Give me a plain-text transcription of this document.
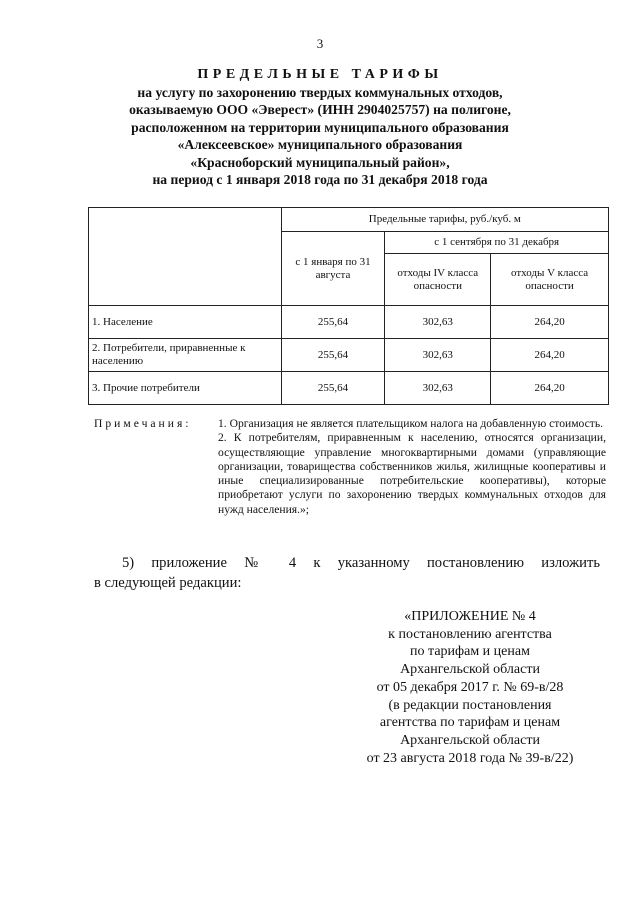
3
ПРЕДЕЛЬНЫЕ ТАРИФЫ
на услугу по захоронению твердых коммунальных отходов,
оказываемую ООО «Эверест» (ИНН 2904025757) на полигоне,
расположенном на территории муниципального образования
«Алексеевское» муниципального образования
«Красноборский муниципальный район»,
на период с 1 января 2018 года по 31 декабря 2018 года
	Предельные тарифы, руб./куб. м		
	с 1 января по 31 августа	с 1 сентября по 31 декабря	
		отходы IV класса опасности	отходы V класса опасности
1. Население	255,64	302,63	264,20
2. Потребители, приравненные к населению	255,64	302,63	264,20
3. Прочие потребители	255,64	302,63	264,20
Примечания: 1. Организация не является плательщиком налога на добавленную стоимость.

2. К потребителям, приравненным к населению, относятся организации, осуществляющие управление многоквартирными домами (управляющие организации, товарищества собственников жилья, жилищные кооперативы и иные специализированные потребительские кооперативы), которые приобретают услуги по захоронению твердых коммунальных отходов для нужд населения.»;

5) приложение № 4 к указанному постановлению изложить
в следующей редакции:
«ПРИЛОЖЕНИЕ № 4
к постановлению агентства
по тарифам и ценам
Архангельской области
от 05 декабря 2017 г. № 69-в/28
(в редакции постановления
агентства по тарифам и ценам
Архангельской области
от 23 августа 2018 года № 39-в/22)
